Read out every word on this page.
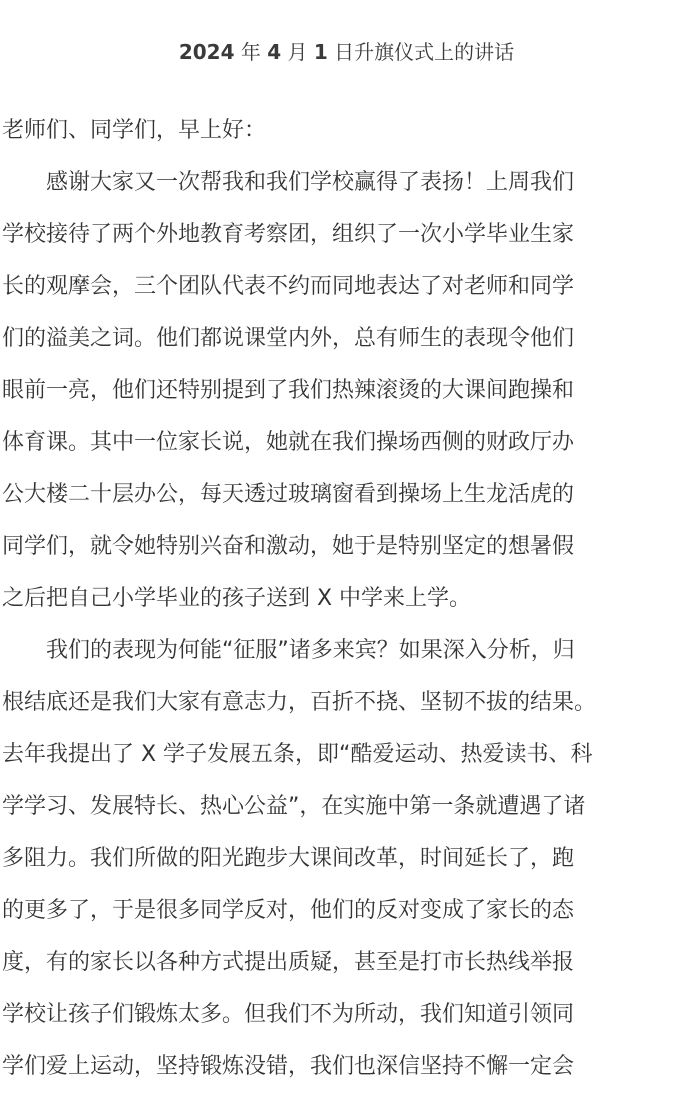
2024 年 4 月 1 日升旗仪式上的讲话
老师们、同学们，早上好：
　　感谢大家又一次帮我和我们学校赢得了表扬！上周我们
学校接待了两个外地教育考察团，组织了一次小学毕业生家
长的观摩会，三个团队代表不约而同地表达了对老师和同学
们的溢美之词。他们都说课堂内外，总有师生的表现令他们
眼前一亮，他们还特别提到了我们热辣滚烫的大课间跑操和
体育课。其中一位家长说，她就在我们操场西侧的财政厅办
公大楼二十层办公，每天透过玻璃窗看到操场上生龙活虎的
同学们，就令她特别兴奋和激动，她于是特别坚定的想暑假
之后把自己小学毕业的孩子送到 X 中学来上学。
　　我们的表现为何能“征服”诸多来宾？如果深入分析，归
根结底还是我们大家有意志力，百折不挠、坚韧不拔的结果。
去年我提出了 X 学子发展五条，即“酷爱运动、热爱读书、科
学学习、发展特长、热心公益”，在实施中第一条就遭遇了诸
多阻力。我们所做的阳光跑步大课间改革，时间延长了，跑
的更多了，于是很多同学反对，他们的反对变成了家长的态
度，有的家长以各种方式提出质疑，甚至是打市长热线举报
学校让孩子们锻炼太多。但我们不为所动，我们知道引领同
学们爱上运动，坚持锻炼没错，我们也深信坚持不懈一定会
